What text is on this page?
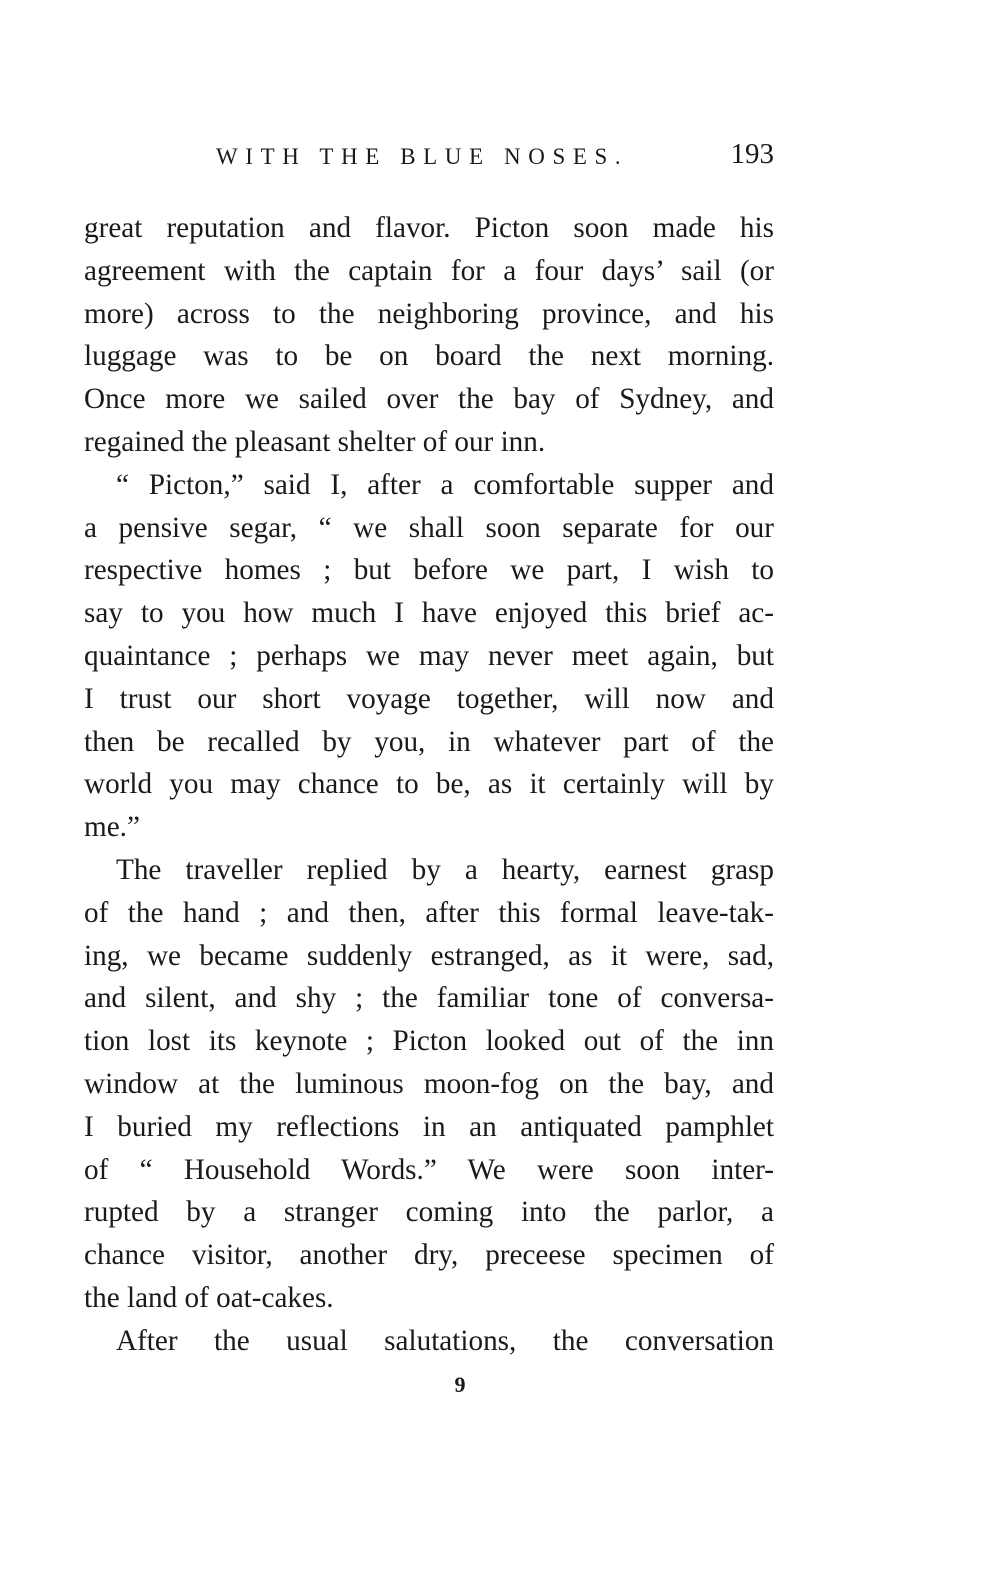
WITH THE BLUE NOSES.	193
great reputation and flavor. Picton soon made his
agreement with the captain for a four days’ sail (or
more) across to the neighboring province, and his
luggage was to be on board the next morning.
Once more we sailed over the bay of Sydney, and
regained the pleasant shelter of our inn.
“ Picton,” said I, after a comfortable supper and
a pensive segar, “ we shall soon separate for our
respective homes ; but before we part, I wish to
say to you how much I have enjoyed this brief ac-
quaintance ; perhaps we may never meet again, but
I trust our short voyage together, will now and
then be recalled by you, in whatever part of the
world you may chance to be, as it certainly will by
me.”
The traveller replied by a hearty, earnest grasp
of the hand ; and then, after this formal leave-tak-
ing, we became suddenly estranged, as it were, sad,
and silent, and shy ; the familiar tone of conversa-
tion lost its keynote ; Picton looked out of the inn
window at the luminous moon-fog on the bay, and
I buried my reflections in an antiquated pamphlet
of “ Household Words.” We were soon inter-
rupted by a stranger coming into the parlor, a
chance visitor, another dry, preceese specimen of
the land of oat-cakes.
After the usual salutations, the conversation
9
